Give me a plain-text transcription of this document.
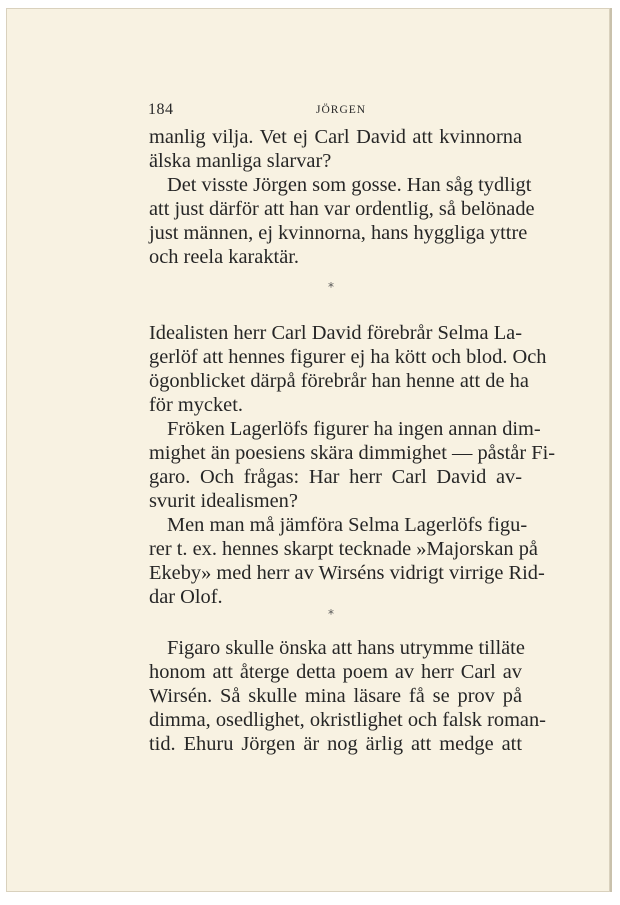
184	JÖRGEN
manlig vilja. Vet ej Carl David att kvinnorna
älska manliga slarvar?
Det visste Jörgen som gosse. Han såg tydligt
att just därför att han var ordentlig, så belönade
just männen, ej kvinnorna, hans hyggliga yttre
och reela karaktär.
*
Idealisten herr Carl David förebrår Selma La-
gerlöf att hennes figurer ej ha kött och blod. Och
ögonblicket därpå förebrår han henne att de ha
för mycket.
Fröken Lagerlöfs figurer ha ingen annan dim-
mighet än poesiens skära dimmighet — påstår Fi-
garo. Och frågas: Har herr Carl David av-
svurit idealismen?
Men man må jämföra Selma Lagerlöfs figu-
rer t. ex. hennes skarpt tecknade »Majorskan på
Ekeby» med herr av Wirséns vidrigt virrige Rid-
dar Olof.
*
Figaro skulle önska att hans utrymme tilläte
honom att återge detta poem av herr Carl av
Wirsén. Så skulle mina läsare få se prov på
dimma, osedlighet, okristlighet och falsk roman-
tid. Ehuru Jörgen är nog ärlig att medge att
